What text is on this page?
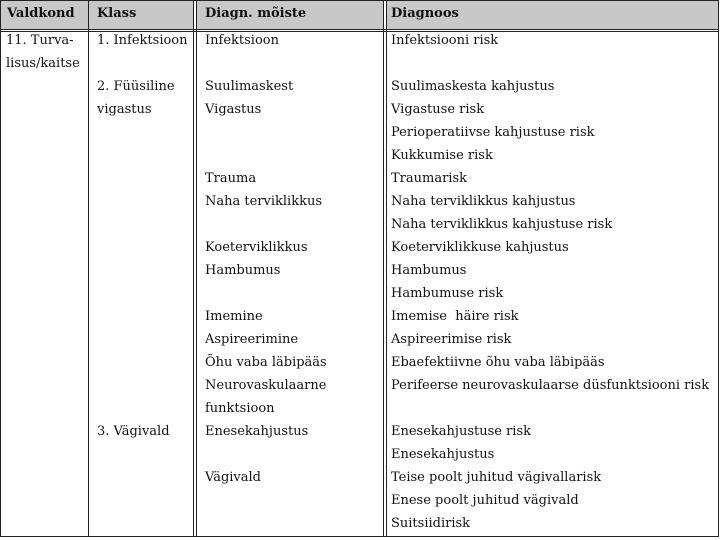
Valdkond Klass	Diagn. mõiste	Diagnoos
11. Turva-
lisus/kaitse
1. Infektsioon
2. Füüsiline
vigastus
3. Vägivald
Infektsioon
Suulimaskest
Vigastus
Trauma
Naha terviklikkus
Koeterviklikkus
Hambumus
Imemine
Aspireerimine
Õhu vaba läbipääs
Neurovaskulaarne
funktsioon
Enesekahjustus
Vägivald
Infektsiooni risk
Suulimaskesta kahjustus
Vigastuse risk
Perioperatiivse kahjustuse risk
Kukkumise risk
Traumarisk
Naha terviklikkus kahjustus
Naha terviklikkus kahjustuse risk
Koeterviklikkuse kahjustus
Hambumus
Hambumuse risk
Imemise  häire risk
Aspireerimise risk
Ebaefektiivne õhu vaba läbipääs
Perifeerse neurovaskulaarse düsfunktsiooni risk
Enesekahjustuse risk
Enesekahjustus
Teise poolt juhitud vägivallarisk
Enese poolt juhitud vägivald
Suitsiidirisk
